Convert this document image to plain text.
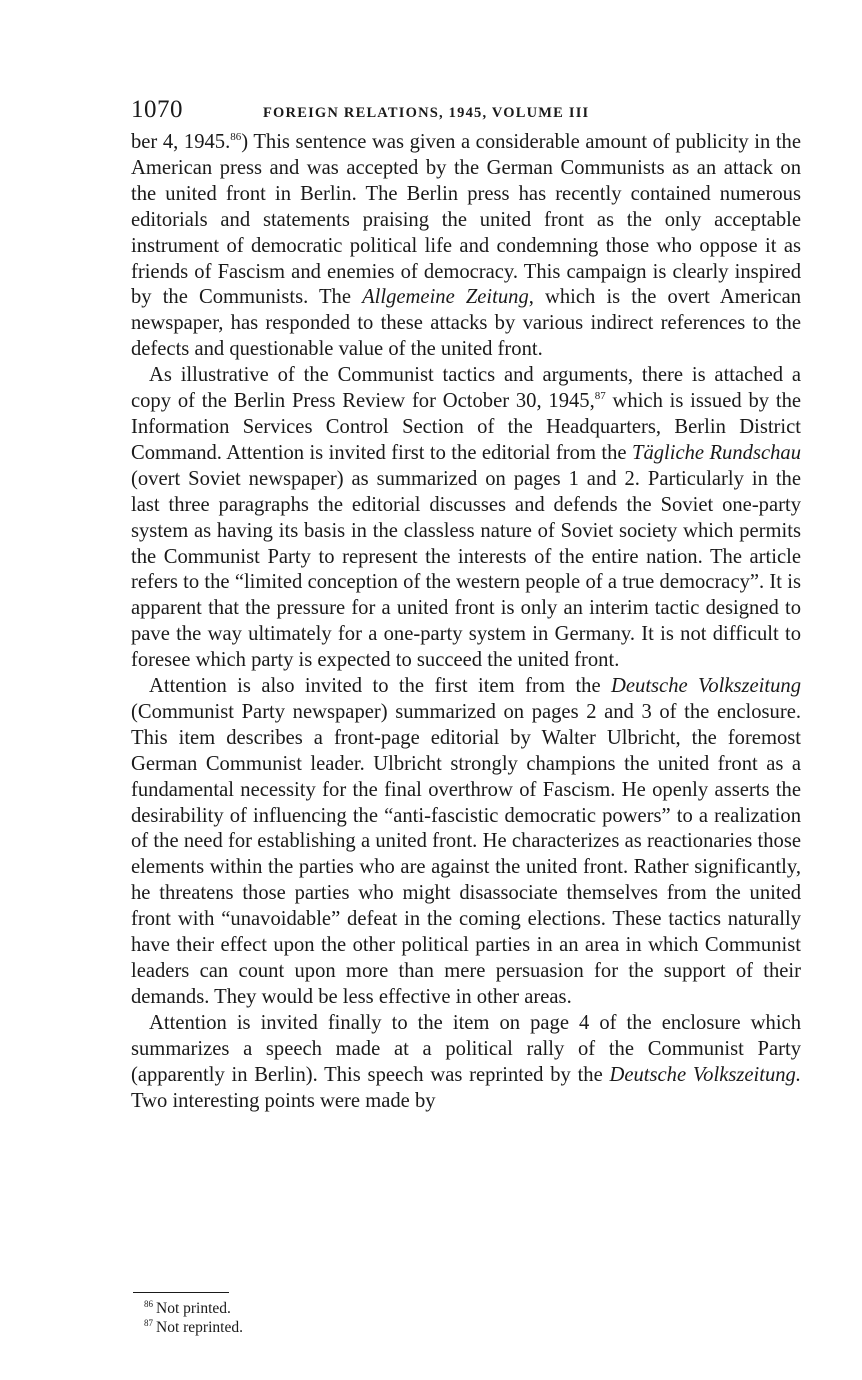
1070	FOREIGN RELATIONS, 1945, VOLUME III

ber 4, 1945.86) This sentence was given a considerable amount of publicity in the American press and was accepted by the German Communists as an attack on the united front in Berlin. The Berlin press has recently contained numerous editorials and statements praising the united front as the only acceptable instrument of democratic political life and condemning those who oppose it as friends of Fascism and enemies of democracy. This campaign is clearly inspired by the Communists. The Allgemeine Zeitung, which is the overt American newspaper, has responded to these attacks by various indirect references to the defects and questionable value of the united front.

As illustrative of the Communist tactics and arguments, there is attached a copy of the Berlin Press Review for October 30, 1945,87 which is issued by the Information Services Control Section of the Headquarters, Berlin District Command. Attention is invited first to the editorial from the Tägliche Rundschau (overt Soviet newspaper) as summarized on pages 1 and 2. Particularly in the last three paragraphs the editorial discusses and defends the Soviet one-party system as having its basis in the classless nature of Soviet society which permits the Communist Party to represent the interests of the entire nation. The article refers to the “limited conception of the western people of a true democracy”. It is apparent that the pressure for a united front is only an interim tactic designed to pave the way ultimately for a one-party system in Germany. It is not difficult to foresee which party is expected to succeed the united front.

Attention is also invited to the first item from the Deutsche Volkszeitung (Communist Party newspaper) summarized on pages 2 and 3 of the enclosure. This item describes a front-page editorial by Walter Ulbricht, the foremost German Communist leader. Ulbricht strongly champions the united front as a fundamental necessity for the final overthrow of Fascism. He openly asserts the desirability of influencing the “anti-fascistic democratic powers” to a realization of the need for establishing a united front. He characterizes as reactionaries those elements within the parties who are against the united front. Rather significantly, he threatens those parties who might disassociate themselves from the united front with “unavoidable” defeat in the coming elections. These tactics naturally have their effect upon the other political parties in an area in which Communist leaders can count upon more than mere persuasion for the support of their demands. They would be less effective in other areas.

Attention is invited finally to the item on page 4 of the enclosure which summarizes a speech made at a political rally of the Communist Party (apparently in Berlin). This speech was reprinted by the Deutsche Volkszeitung. Two interesting points were made by

$^{86}$ Not printed.
$^{87}$ Not reprinted.
